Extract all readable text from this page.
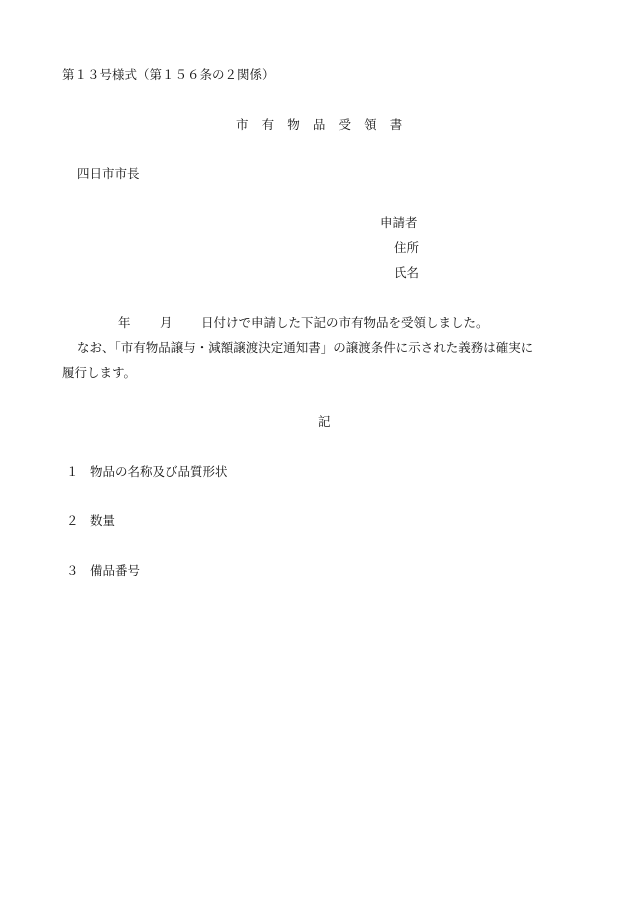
第１３号様式（第１５６条の２関係）
市有物品受領書
四日市市長
申請者
住所
氏名
年 月 日付けで申請した下記の市有物品を受領しました。
なお、「市有物品譲与・減額譲渡決定通知書」の譲渡条件に示された義務は確実に
履行します。
記
１ 物品の名称及び品質形状
２ 数量
３ 備品番号
